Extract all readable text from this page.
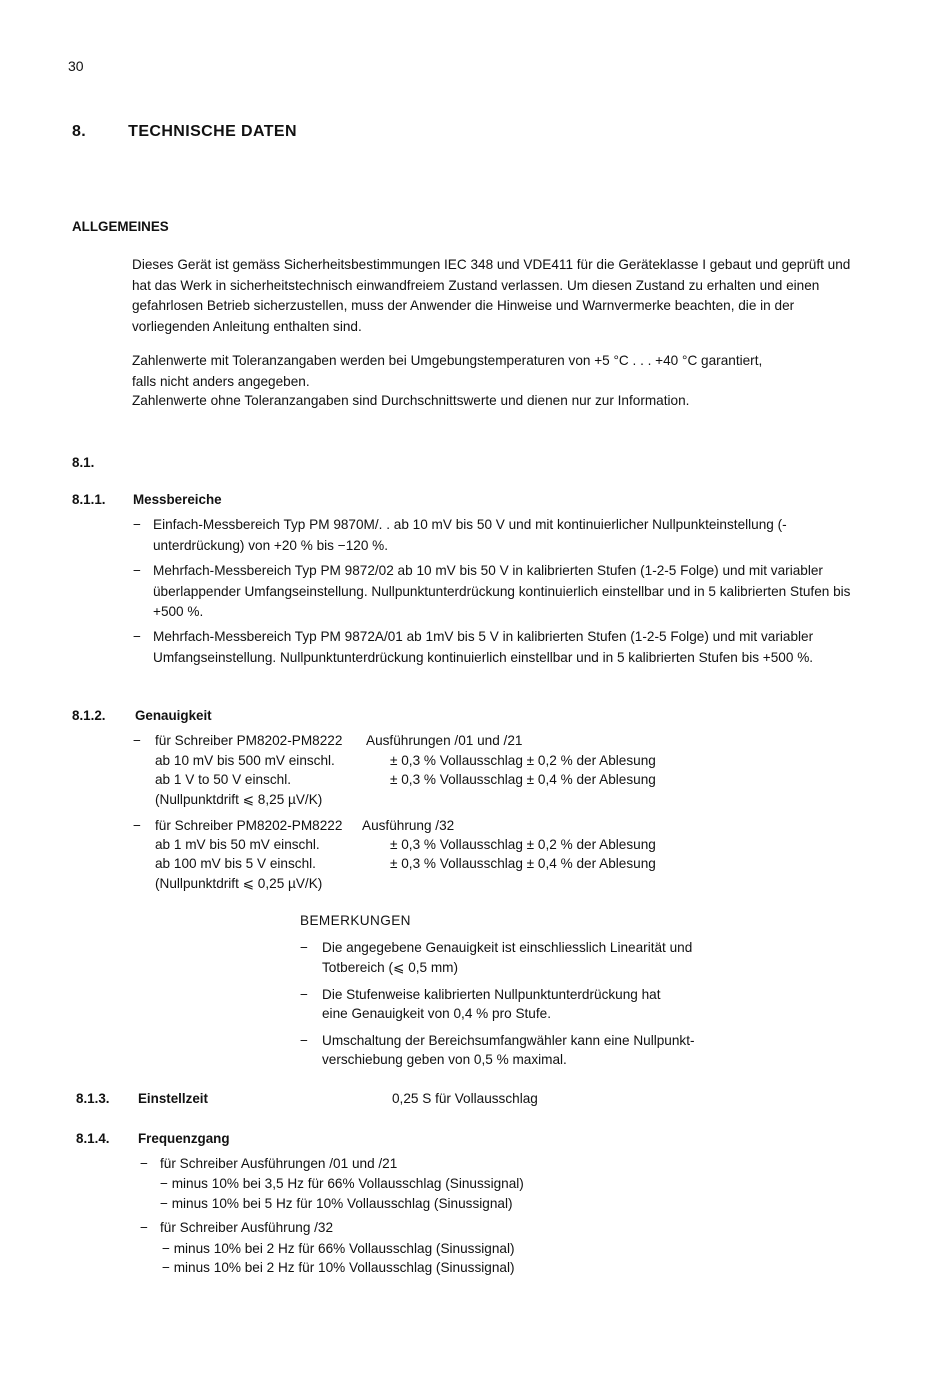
30
8.	TECHNISCHE DATEN
ALLGEMEINES
Dieses Gerät ist gemäss Sicherheitsbestimmungen IEC 348 und VDE411 für die Geräteklasse I gebaut und geprüft und hat das Werk in sicherheitstechnisch einwandfreiem Zustand verlassen. Um diesen Zustand zu erhalten und einen gefahrlosen Betrieb sicherzustellen, muss der Anwender die Hinweise und Warnvermerke beachten, die in der vorliegenden Anleitung enthalten sind.
Zahlenwerte mit Toleranzangaben werden bei Umgebungstemperaturen von +5 °C . . . +40 °C garantiert,
falls nicht anders angegeben.
Zahlenwerte ohne Toleranzangaben sind Durchschnittswerte und dienen nur zur Information.
8.1.
8.1.1. Messbereiche
− Einfach-Messbereich Typ PM 9870M/. . ab 10 mV bis 50 V und mit kontinuierlicher Nullpunkteinstellung (-unterdrückung) von +20 % bis −120 %.
− Mehrfach-Messbereich Typ PM 9872/02 ab 10 mV bis 50 V in kalibrierten Stufen (1-2-5 Folge) und mit variabler überlappender Umfangseinstellung. Nullpunktunterdrückung kontinuierlich einstellbar und in 5 kalibrierten Stufen bis +500 %.
− Mehrfach-Messbereich Typ PM 9872A/01 ab 1mV bis 5 V in kalibrierten Stufen (1-2-5 Folge) und mit variabler Umfangseinstellung. Nullpunktunterdrückung kontinuierlich einstellbar und in 5 kalibrierten Stufen bis +500 %.
8.1.2. Genauigkeit
− für Schreiber PM8202-PM8222 Ausführungen /01 und /21
ab 10 mV bis 500 mV einschl.	± 0,3 % Vollausschlag ± 0,2 % der Ablesung
ab 1 V to 50 V einschl.	± 0,3 % Vollausschlag ± 0,4 % der Ablesung
(Nullpunktdrift ⩽ 8,25 µV/K)
− für Schreiber PM8202-PM8222 Ausführung /32
ab 1 mV bis 50 mV einschl.	± 0,3 % Vollausschlag ± 0,2 % der Ablesung
ab 100 mV bis 5 V einschl.	± 0,3 % Vollausschlag ± 0,4 % der Ablesung
(Nullpunktdrift ⩽ 0,25 µV/K)
BEMERKUNGEN
− Die angegebene Genauigkeit ist einschliesslich Linearität und
Totbereich (⩽ 0,5 mm)
− Die Stufenweise kalibrierten Nullpunktunterdrückung hat
eine Genauigkeit von 0,4 % pro Stufe.
− Umschaltung der Bereichsumfangwähler kann eine Nullpunkt-
verschiebung geben von 0,5 % maximal.
8.1.3. Einstellzeit	0,25 S für Vollausschlag
8.1.4. Frequenzgang
− für Schreiber Ausführungen /01 und /21
− minus 10% bei 3,5 Hz für 66% Vollausschlag (Sinussignal)
− minus 10% bei 5 Hz für 10% Vollausschlag (Sinussignal)
− für Schreiber Ausführung /32
− minus 10% bei 2 Hz für 66% Vollausschlag (Sinussignal)
− minus 10% bei 2 Hz für 10% Vollausschlag (Sinussignal)
